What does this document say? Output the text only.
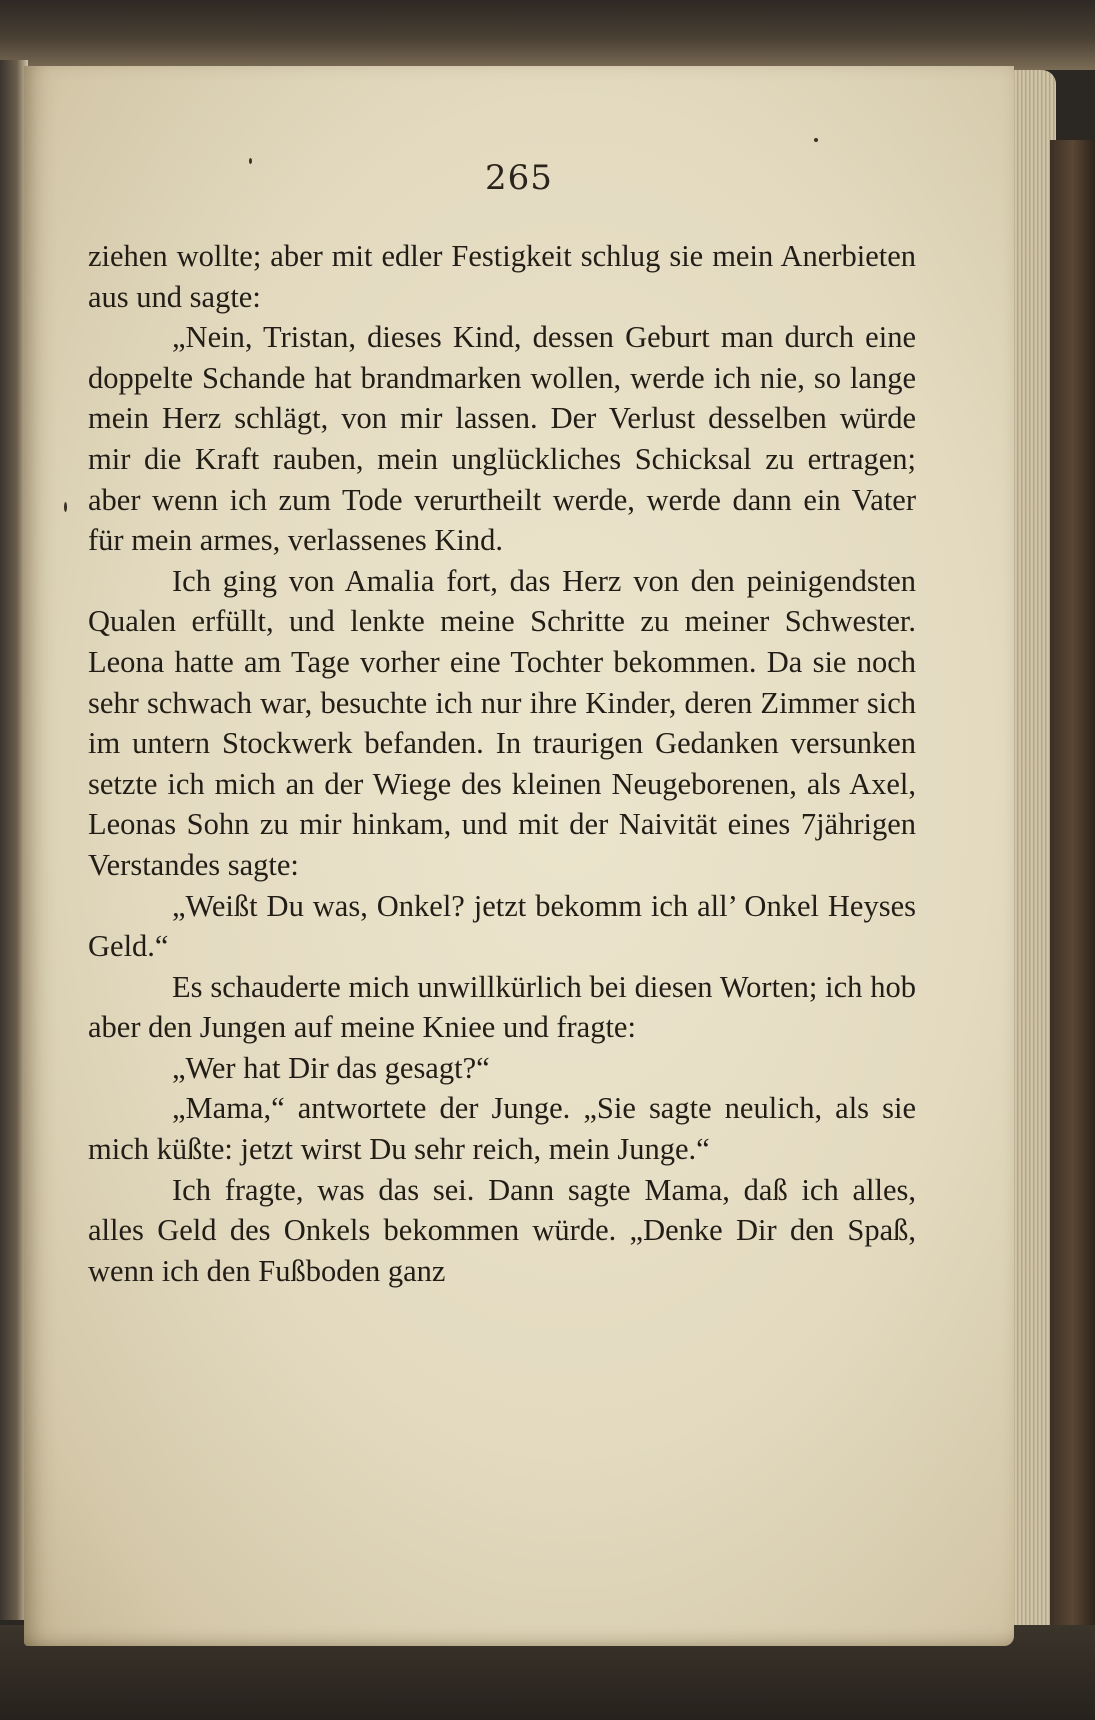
265

ziehen wollte; aber mit edler Festigkeit schlug sie mein Anerbieten aus und sagte:

„Nein, Tristan, dieses Kind, dessen Geburt man durch eine doppelte Schande hat brandmarken wollen, werde ich nie, so lange mein Herz schlägt, von mir lassen. Der Verlust desselben würde mir die Kraft rauben, mein unglückliches Schicksal zu ertragen; aber wenn ich zum Tode verurtheilt werde, werde dann ein Vater für mein armes, verlassenes Kind.

Ich ging von Amalia fort, das Herz von den peinigendsten Qualen erfüllt, und lenkte meine Schritte zu meiner Schwester. Leona hatte am Tage vorher eine Tochter bekommen. Da sie noch sehr schwach war, besuchte ich nur ihre Kinder, deren Zimmer sich im untern Stockwerk befanden. In traurigen Gedanken versunken setzte ich mich an der Wiege des kleinen Neugeborenen, als Axel, Leonas Sohn zu mir hinkam, und mit der Naivität eines 7jährigen Verstandes sagte:

„Weißt Du was, Onkel? jetzt bekomm ich all’ Onkel Heyses Geld.“

Es schauderte mich unwillkürlich bei diesen Worten; ich hob aber den Jungen auf meine Kniee und fragte:

„Wer hat Dir das gesagt?“

„Mama,“ antwortete der Junge. „Sie sagte neulich, als sie mich küßte: jetzt wirst Du sehr reich, mein Junge.“

Ich fragte, was das sei. Dann sagte Mama, daß ich alles, alles Geld des Onkels bekommen würde. „Denke Dir den Spaß, wenn ich den Fußboden ganz
